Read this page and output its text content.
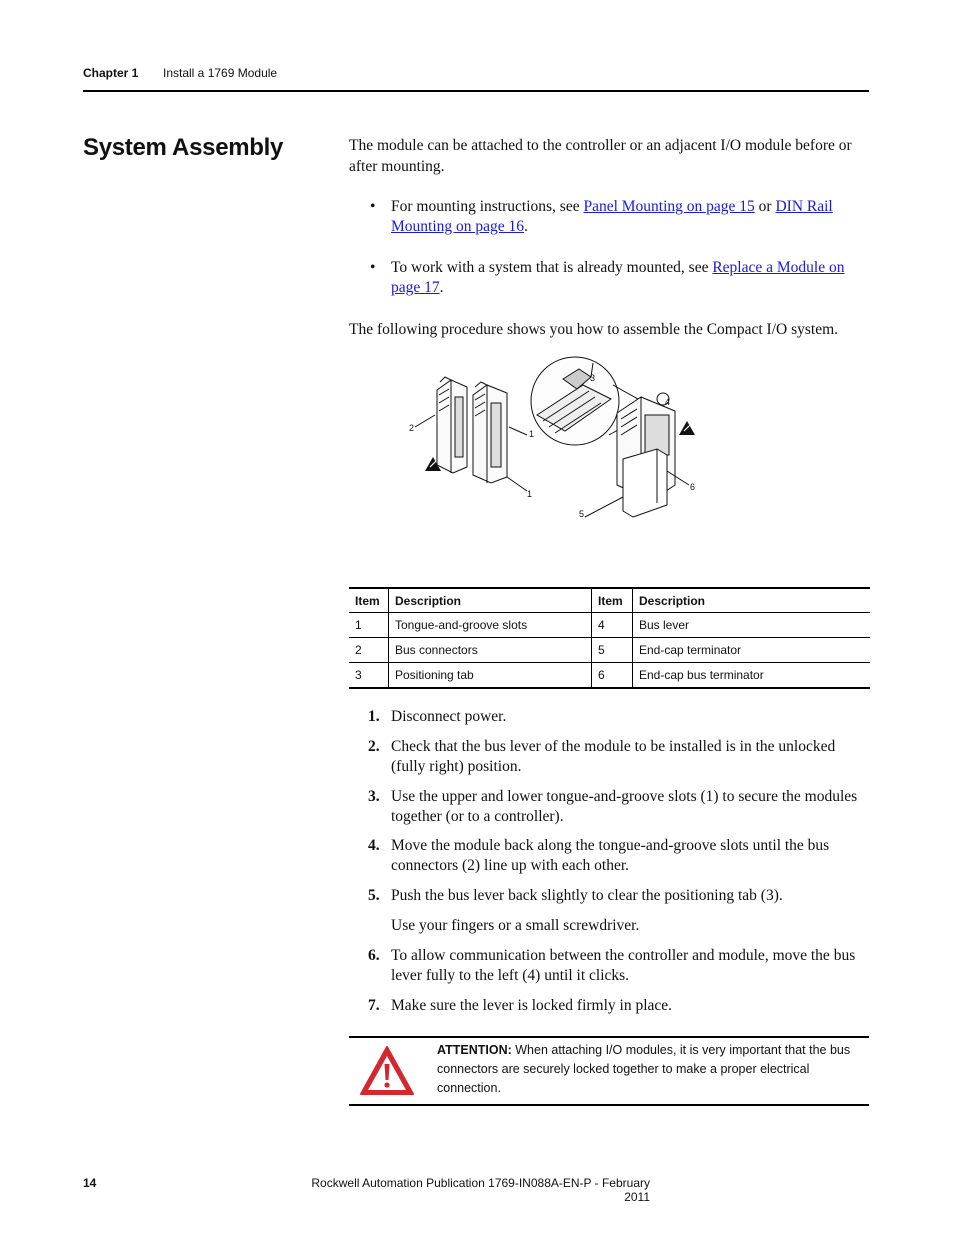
Chapter 1 Install a 1769 Module
System Assembly	The module can be attached to the controller or an adjacent I/O module before or after mounting.

• For mounting instructions, see Panel Mounting on page 15 or DIN Rail Mounting on page 16.
• To work with a system that is already mounted, see Replace a Module on page 17.

The following procedure shows you how to assemble the Compact I/O system.

1
1
2
3
4
5
6
Item	Description	Item	Description
1	Tongue-and-groove slots	4	Bus lever
2	Bus connectors	5	End-cap terminator
3	Positioning tab	6	End-cap bus terminator
1. Disconnect power.
2. Check that the bus lever of the module to be installed is in the unlocked (fully right) position.
3. Use the upper and lower tongue-and-groove slots (1) to secure the modules together (or to a controller).
4. Move the module back along the tongue-and-groove slots until the bus connectors (2) line up with each other.
5. Push the bus lever back slightly to clear the positioning tab (3).
Use your fingers or a small screwdriver.
6. To allow communication between the controller and module, move the bus lever fully to the left (4) until it clicks.
7. Make sure the lever is locked firmly in place.
ATTENTION: When attaching I/O modules, it is very important that the bus connectors are securely locked together to make a proper electrical connection.
14	Rockwell Automation Publication 1769-IN088A-EN-P - February 2011
